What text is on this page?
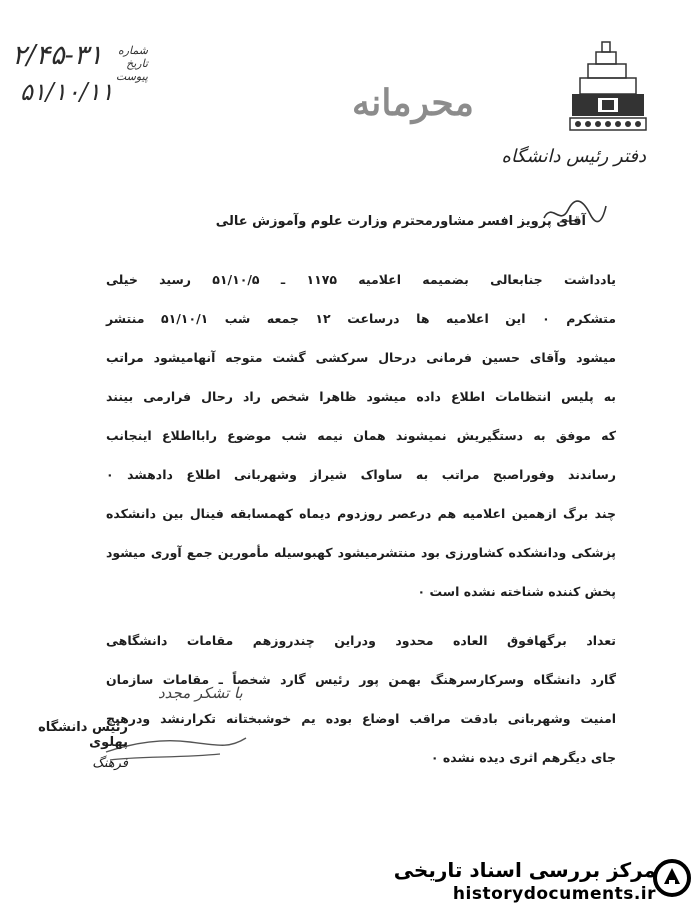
۲/۴۵-۳۱
۵۱/۱۰/۱۱
شماره
تاریخ
پیوست
محرمانه
دفتر رئیس دانشگاه
آقای پرویز افسر مشاورمحترم وزارت علوم وآموزش عالی

یادداشت جنابعالی بضمیمه اعلامیه ۱۱۷۵ ـ ۵۱/۱۰/۵ رسید خیلی

متشکرم ۰ این اعلامیه ها درساعت ۱۲ جمعه شب ۵۱/۱۰/۱ منتشر

میشود وآقای حسین فرمانی درحال سرکشی گشت متوجه آنهامیشود مراتب

به پلیس انتظامات اطلاع داده میشود ظاهرا شخص راد رحال فرارمی بینند

که موفق به دستگیریش نمیشوند همان نیمه شب موضوع رابااطلاع اینجانب

رساندند وفوراصبح مراتب به ساواک شیراز وشهربانی اطلاع دادهشد ۰

چند برگ ازهمین اعلامیه هم درعصر روزدوم دیماه کهمسابقه فینال بین دانشکده

پزشکی ودانشکده کشاورزی بود منتشرمیشود کهبوسیله مأمورین جمع آوری میشود

پخش کننده شناخته نشده است ۰

تعداد برگهافوق العاده محدود ودراین چندروزهم مقامات دانشگاهی

گارد دانشگاه وسرکارسرهنگ بهمن پور رئیس گارد شخصاً ـ مقامات سازمان

امنیت وشهربانی بادقت مراقب اوضاع بوده یم خوشبختانه تکرارنشد ودرهیچ

جای دیگرهم اثری دیده نشده ۰

با تشکر مجدد
رئیس دانشگاه پهلوی
فرهنگ
مرکز بررسی اسناد تاریخی
historydocuments.ir
